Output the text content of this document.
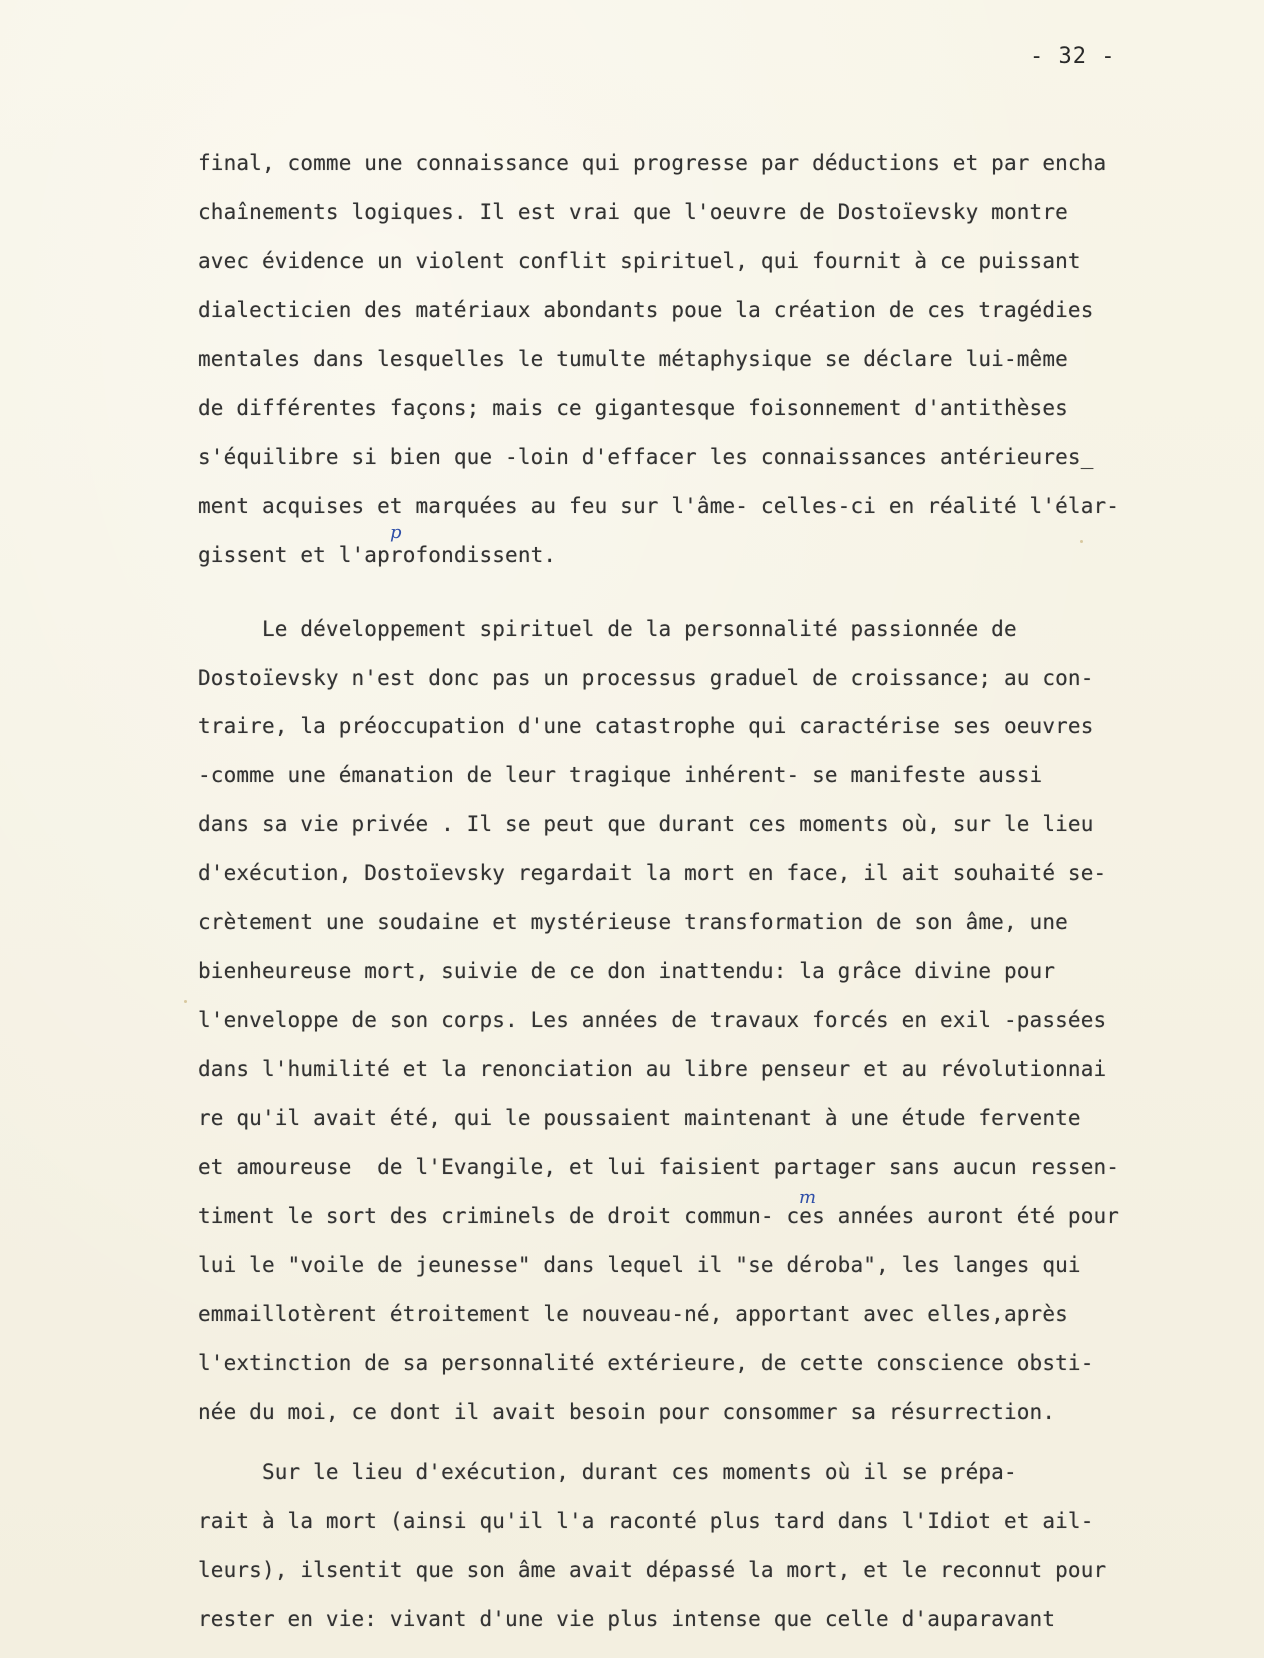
- 32 -
final, comme une connaissance qui progresse par déductions et par encha
chaînements logiques. Il est vrai que l'oeuvre de Dostoïevsky montre
avec évidence un violent conflit spirituel, qui fournit à ce puissant
dialecticien des matériaux abondants poue la création de ces tragédies
mentales dans lesquelles le tumulte métaphysique se déclare lui-même
de différentes façons; mais ce gigantesque foisonnement d'antithèses
s'équilibre si bien que -loin d'effacer les connaissances antérieures_
ment acquises et marquées au feu sur l'âme- celles-ci en réalité l'élar-
gissent et l'aprofondissent.
Le développement spirituel de la personnalité passionnée de
Dostoïevsky n'est donc pas un processus graduel de croissance; au con-
traire, la préoccupation d'une catastrophe qui caractérise ses oeuvres
-comme une émanation de leur tragique inhérent- se manifeste aussi
dans sa vie privée . Il se peut que durant ces moments où, sur le lieu
d'exécution, Dostoïevsky regardait la mort en face, il ait souhaité se-
crètement une soudaine et mystérieuse transformation de son âme, une
bienheureuse mort, suivie de ce don inattendu: la grâce divine pour
l'enveloppe de son corps. Les années de travaux forcés en exil -passées
dans l'humilité et la renonciation au libre penseur et au révolutionnai
re qu'il avait été, qui le poussaient maintenant à une étude fervente
et amoureuse  de l'Evangile, et lui faisient partager sans aucun ressen-
timent le sort des criminels de droit commun- ces années auront été pour
lui le "voile de jeunesse" dans lequel il "se déroba", les langes qui
emmaillotèrent étroitement le nouveau-né, apportant avec elles,après
l'extinction de sa personnalité extérieure, de cette conscience obsti-
née du moi, ce dont il avait besoin pour consommer sa résurrection.
Sur le lieu d'exécution, durant ces moments où il se prépa-
rait à la mort (ainsi qu'il l'a raconté plus tard dans l'Idiot et ail-
leurs), ilsentit que son âme avait dépassé la mort, et le reconnut pour
rester en vie: vivant d'une vie plus intense que celle d'auparavant
p
m
